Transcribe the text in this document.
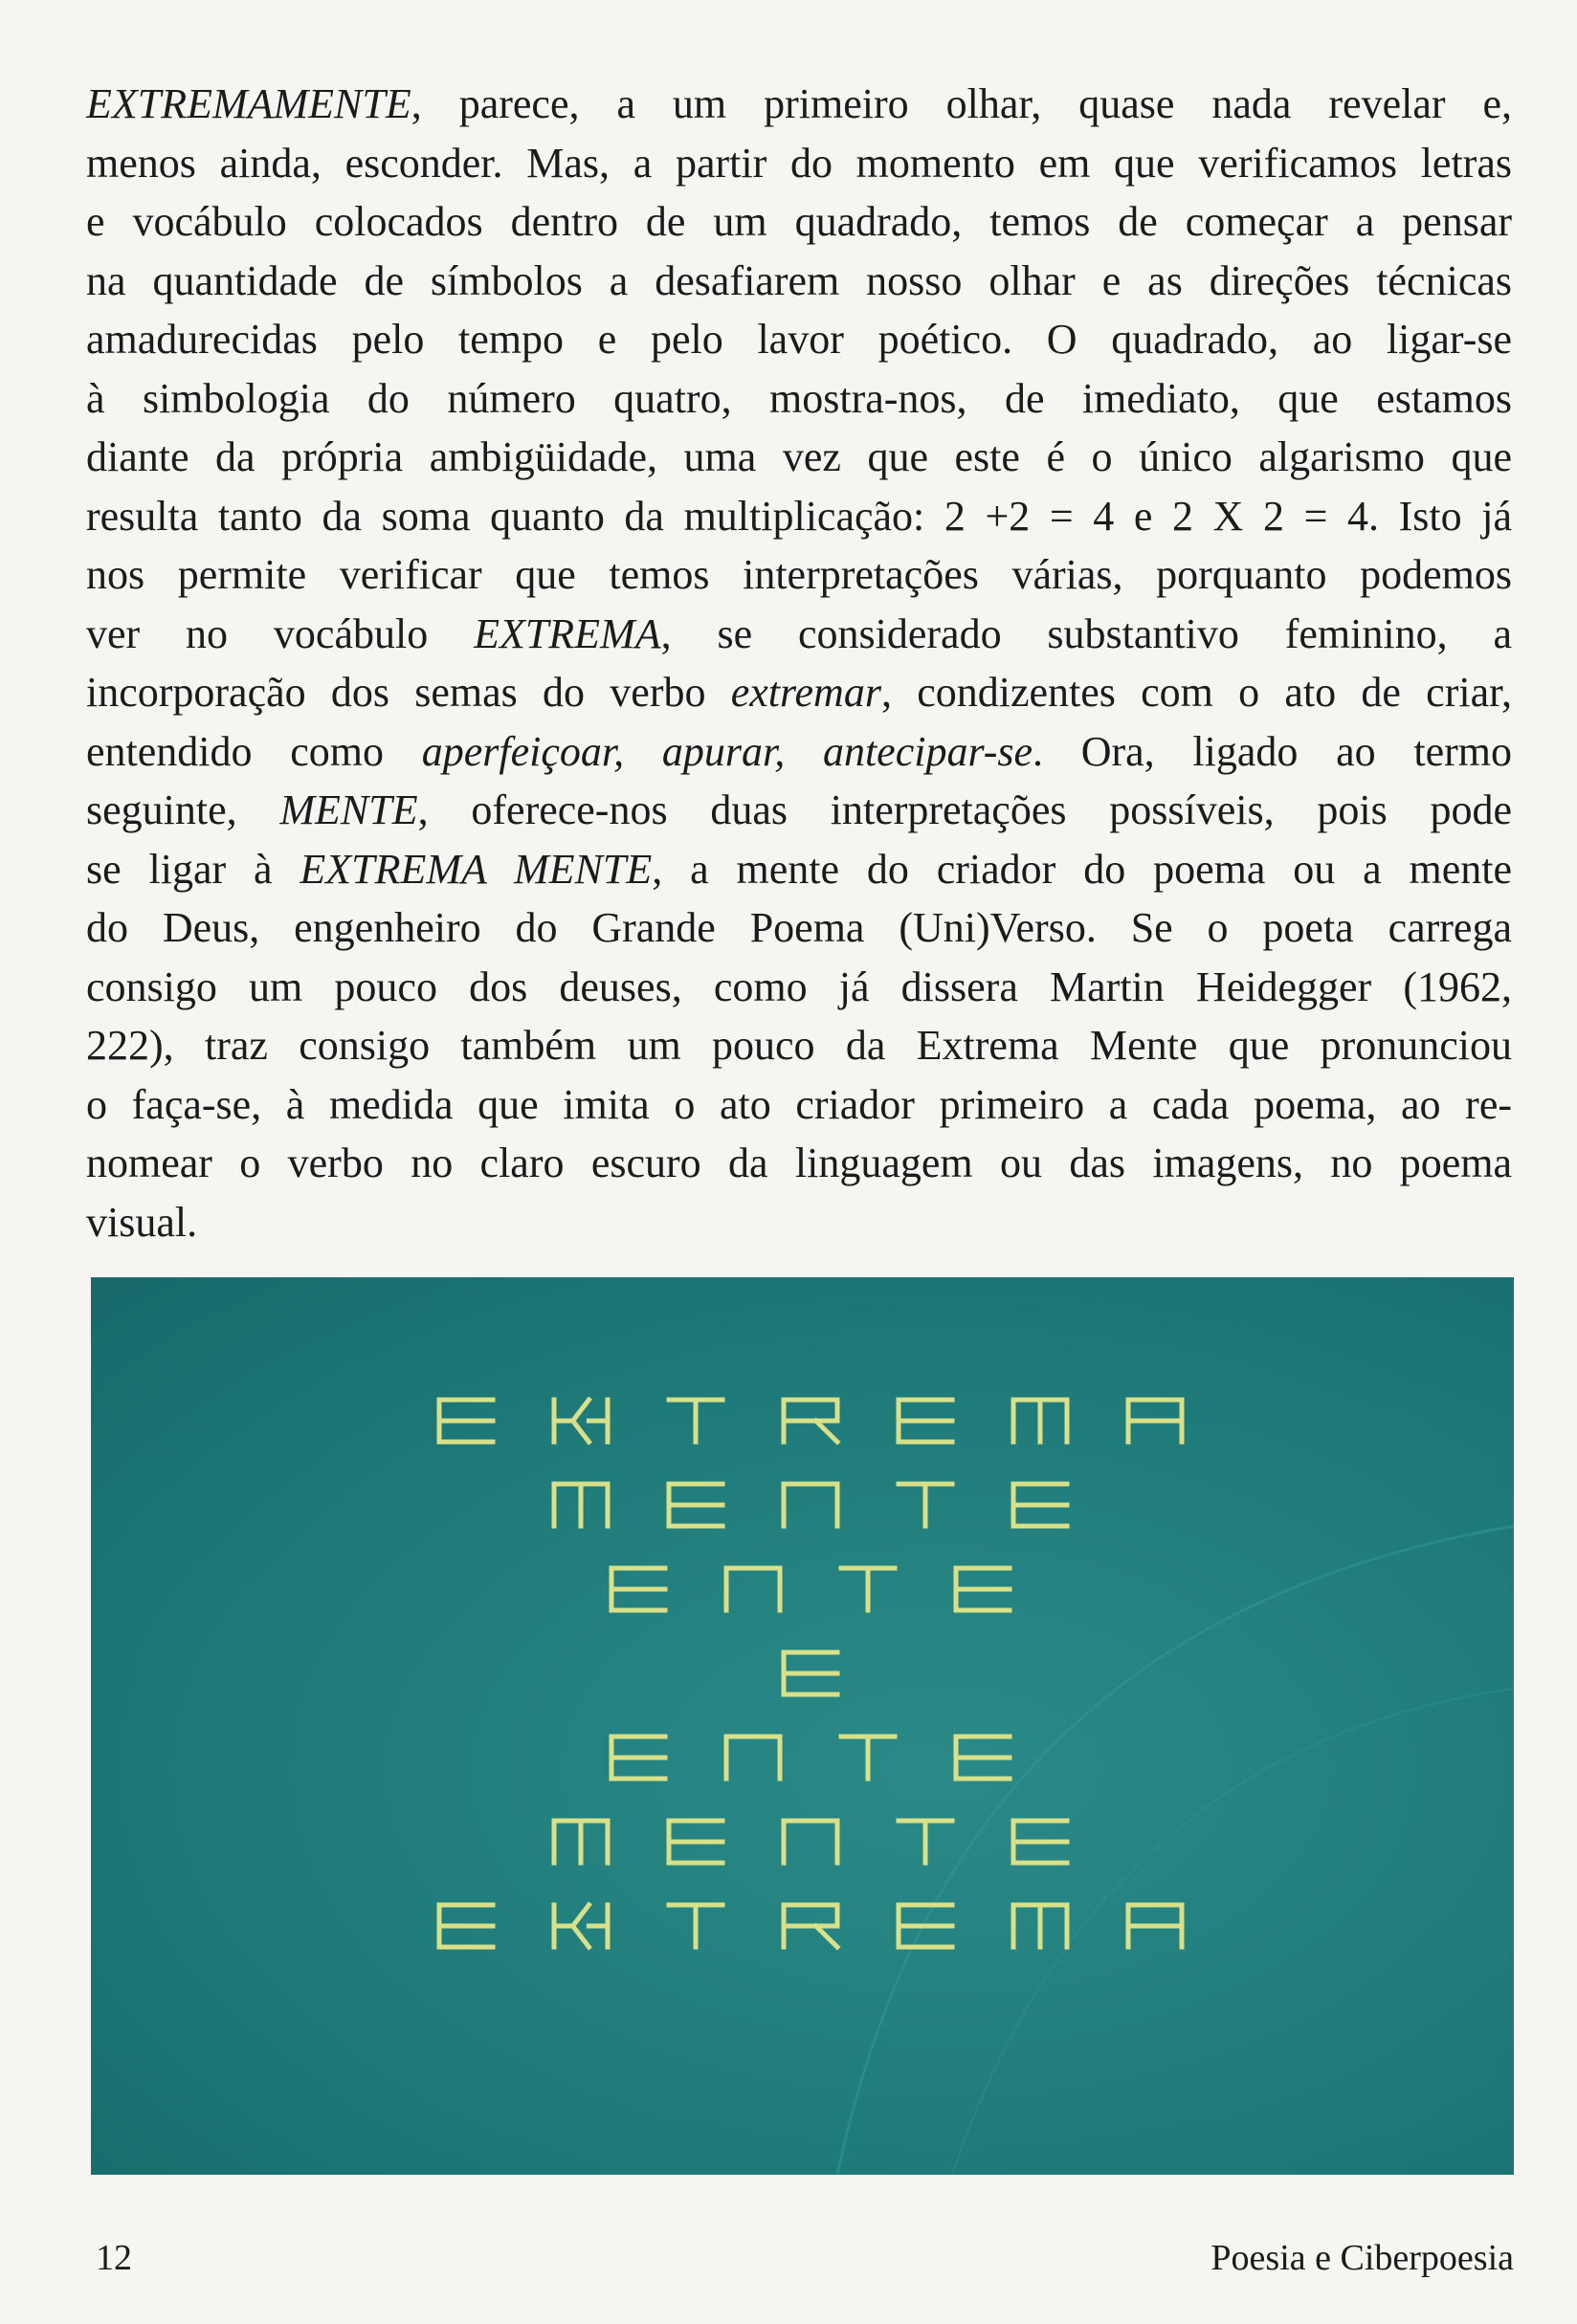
EXTREMAMENTE, parece, a um primeiro olhar, quase nada revelar e,
menos ainda, esconder. Mas, a partir do momento em que verificamos letras
e vocábulo colocados dentro de um quadrado, temos de começar a pensar
na quantidade de símbolos a desafiarem nosso olhar e as direções técnicas
amadurecidas pelo tempo e pelo lavor poético. O quadrado, ao ligar-se
à simbologia do número quatro, mostra-nos, de imediato, que estamos
diante da própria ambigüidade, uma vez que este é o único algarismo que
resulta tanto da soma quanto da multiplicação: 2 +2 = 4 e 2 X 2 = 4. Isto já
nos permite verificar que temos interpretações várias, porquanto podemos
ver no vocábulo EXTREMA, se considerado substantivo feminino, a
incorporação dos semas do verbo extremar, condizentes com o ato de criar,
entendido como aperfeiçoar, apurar, antecipar-se. Ora, ligado ao termo
seguinte, MENTE, oferece-nos duas interpretações possíveis, pois pode
se ligar à EXTREMA MENTE, a mente do criador do poema ou a mente
do Deus, engenheiro do Grande Poema (Uni)Verso. Se o poeta carrega
consigo um pouco dos deuses, como já dissera Martin Heidegger (1962,
222), traz consigo também um pouco da Extrema Mente que pronunciou
o faça-se, à medida que imita o ato criador primeiro a cada poema, ao re-
nomear o verbo no claro escuro da linguagem ou das imagens, no poema
visual.
12	Poesia e Ciberpoesia
